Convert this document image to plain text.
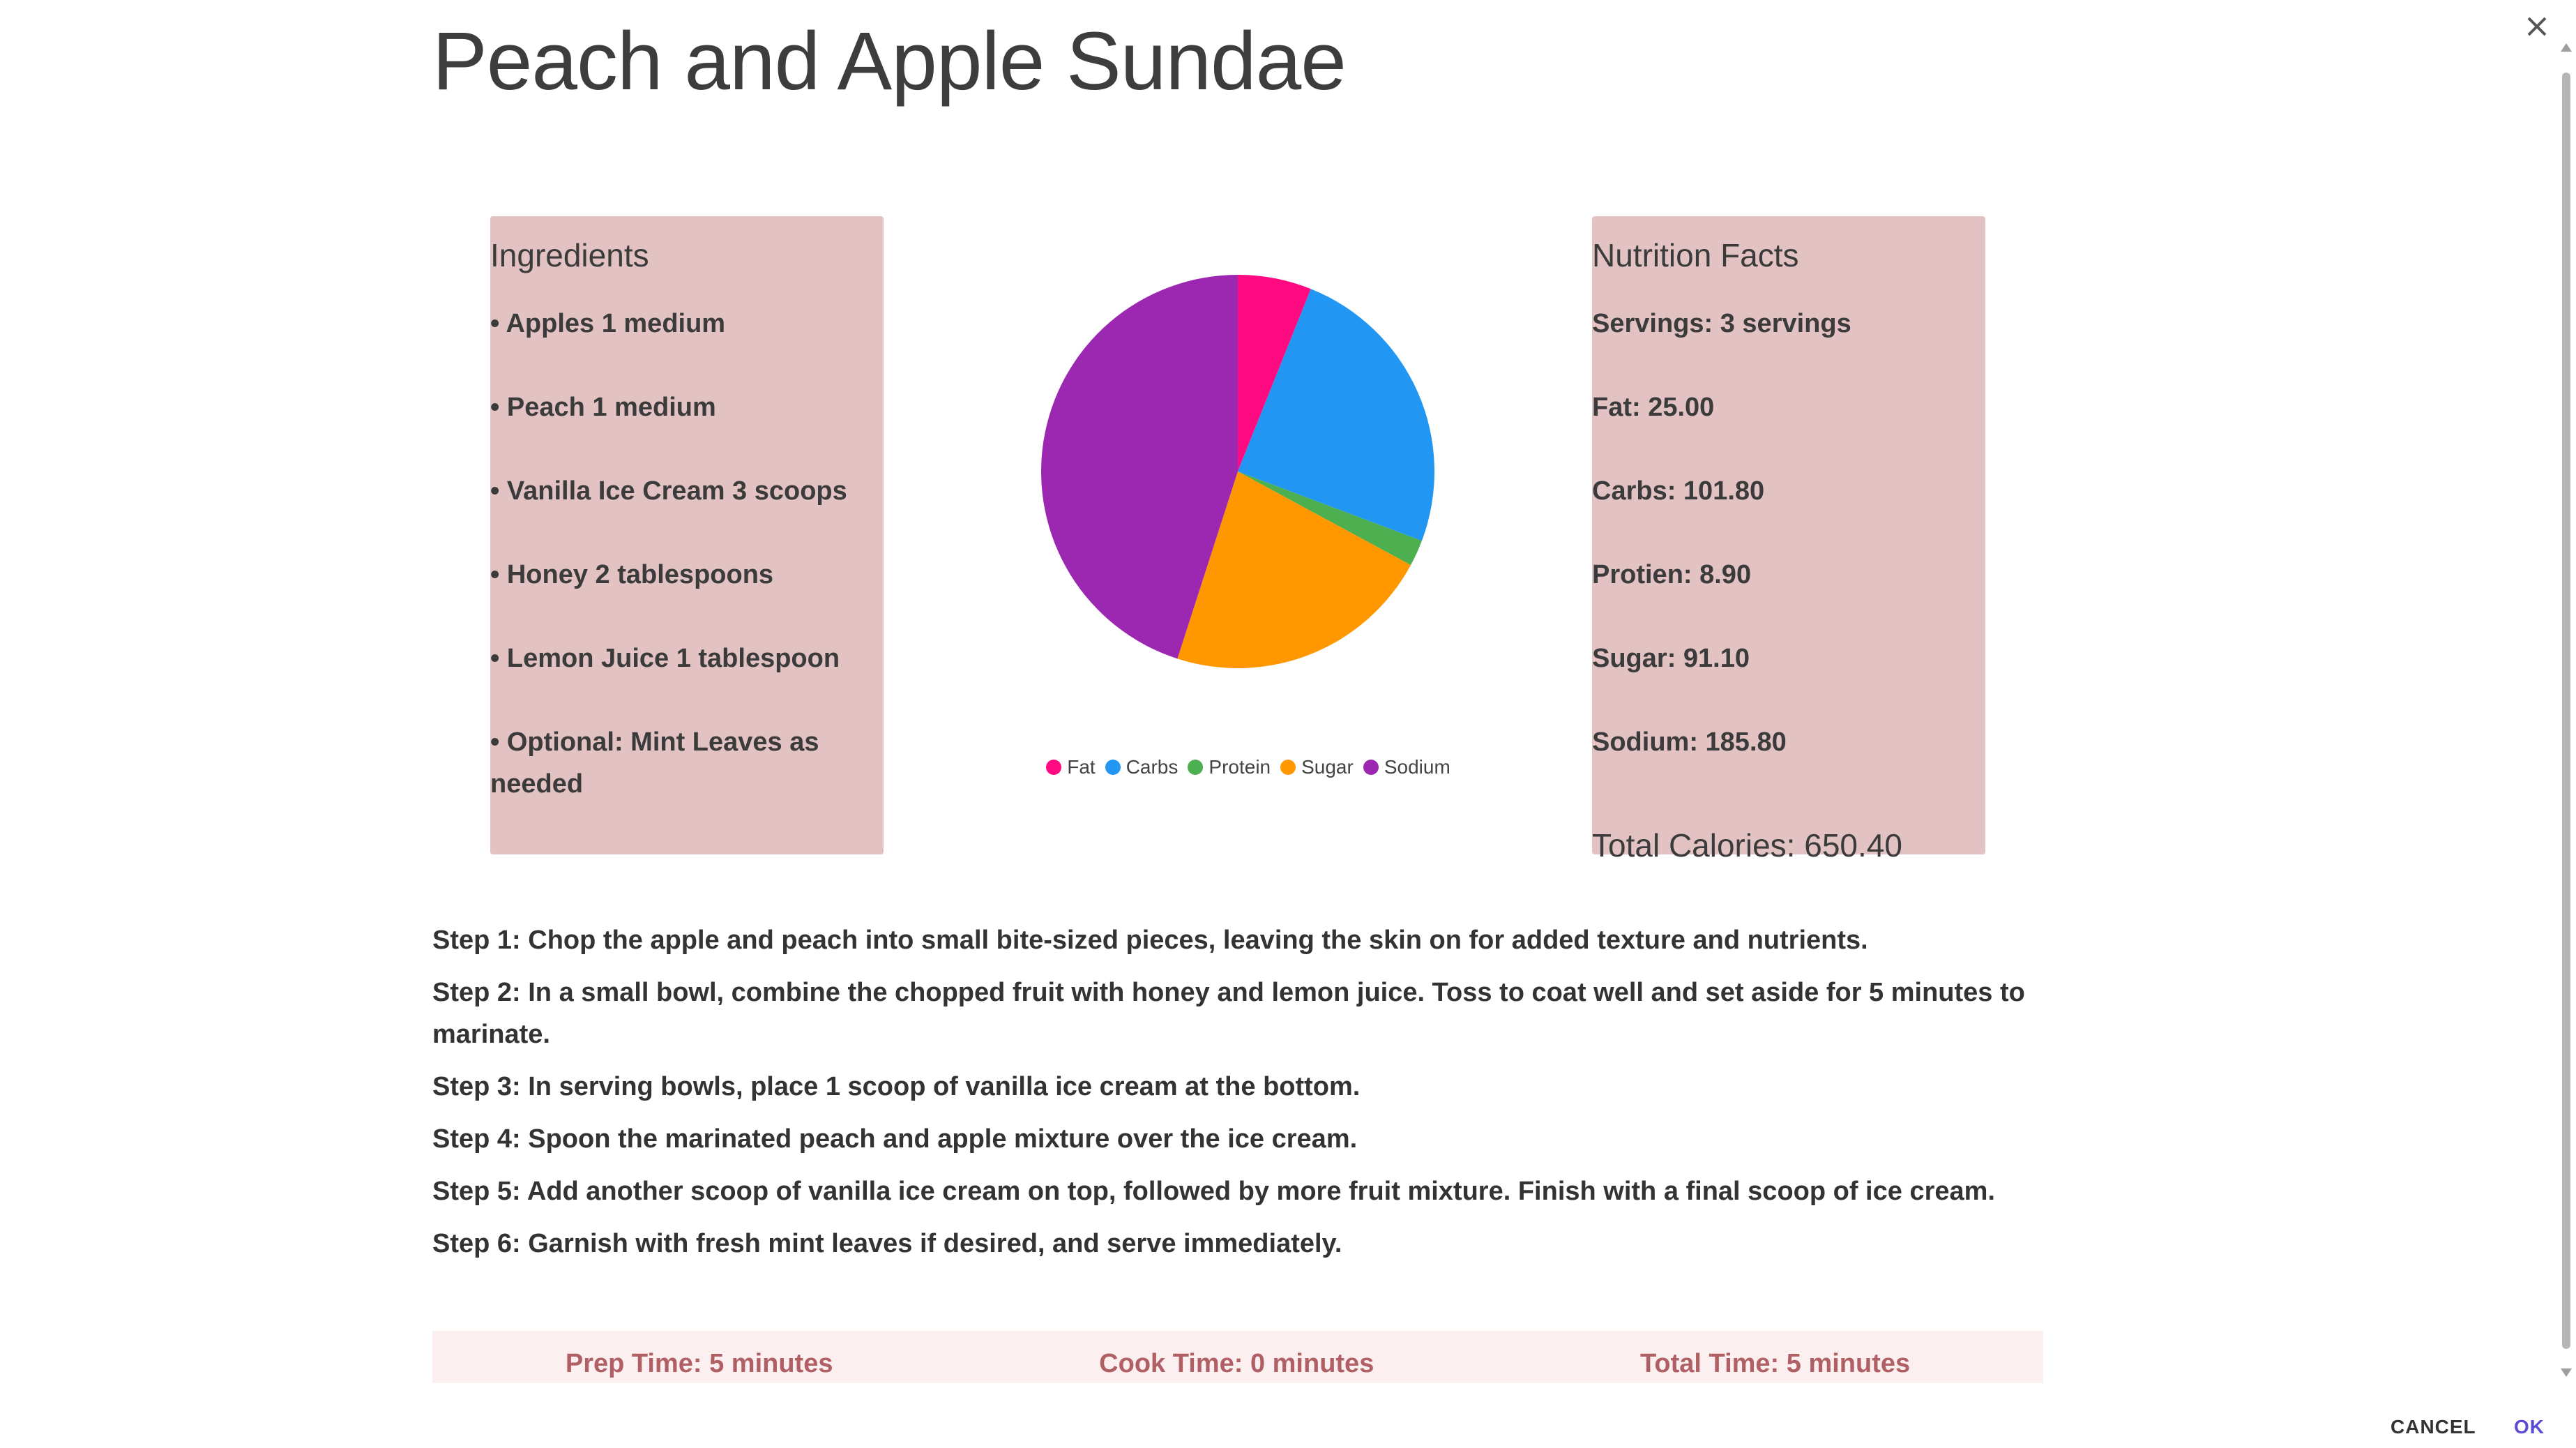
Peach and Apple Sundae
Ingredients
• Apples 1 medium
• Peach 1 medium
• Vanilla Ice Cream 3 scoops
• Honey 2 tablespoons
• Lemon Juice 1 tablespoon
• Optional: Mint Leaves as needed
Fat Carbs Protein Sugar Sodium
Nutrition Facts
Servings: 3 servings
Fat: 25.00
Carbs: 101.80
Protien: 8.90
Sugar: 91.10
Sodium: 185.80
Total Calories: 650.40
Step 1: Chop the apple and peach into small bite-sized pieces, leaving the skin on for added texture and nutrients.
Step 2: In a small bowl, combine the chopped fruit with honey and lemon juice. Toss to coat well and set aside for 5 minutes to marinate.
Step 3: In serving bowls, place 1 scoop of vanilla ice cream at the bottom.
Step 4: Spoon the marinated peach and apple mixture over the ice cream.
Step 5: Add another scoop of vanilla ice cream on top, followed by more fruit mixture. Finish with a final scoop of ice cream.
Step 6: Garnish with fresh mint leaves if desired, and serve immediately.
Prep Time: 5 minutes	Cook Time: 0 minutes	Total Time: 5 minutes
CANCEL OK
